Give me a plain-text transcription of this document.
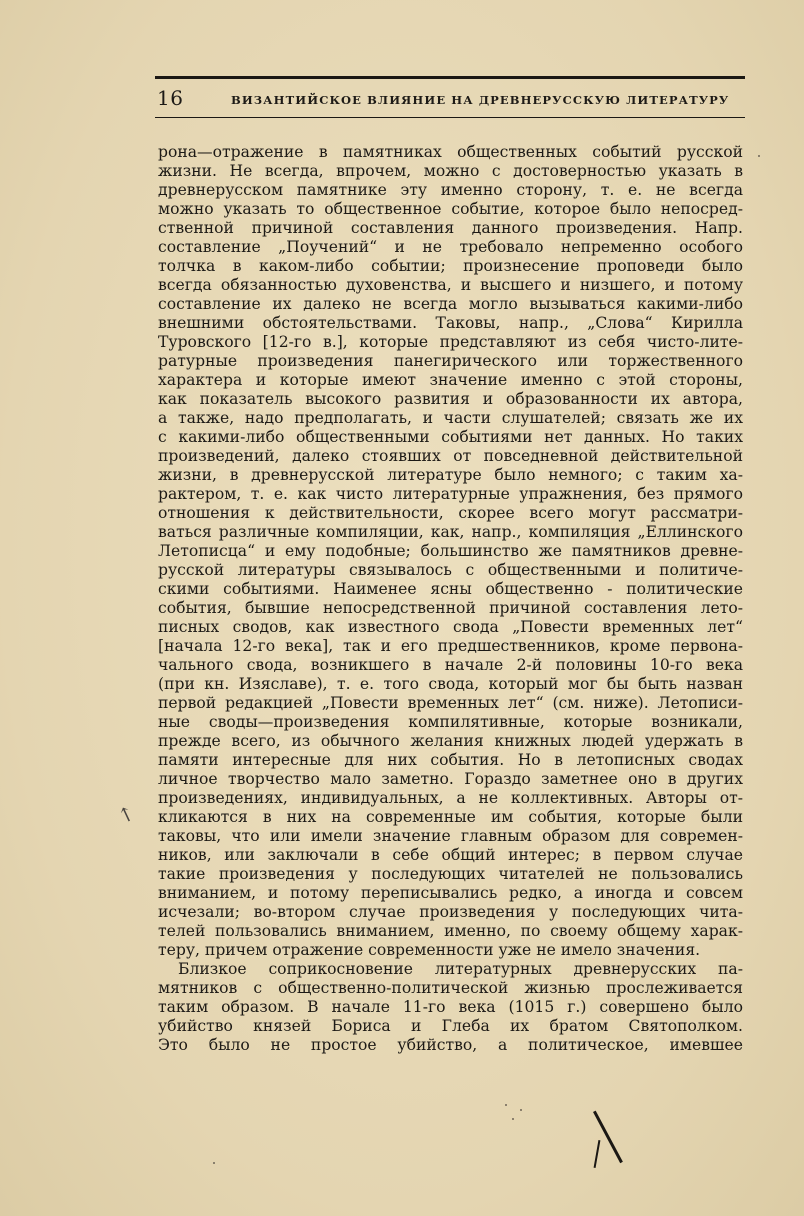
16	ВИЗАНТИЙСКОЕ ВЛИЯНИЕ НА ДРЕВНЕРУССКУЮ ЛИТЕРАТУРУ
рона—отражение в памятниках общественных событий русской
жизни. Не всегда, впрочем, можно с достоверностью указать в
древнерусском памятнике эту именно сторону, т. е. не всегда
можно указать то общественное событие, которое было непосред-
ственной причиной составления данного произведения. Напр.
составление „Поучений“ и не требовало непременно особого
толчка в каком-либо событии; произнесение проповеди было
всегда обязанностью духовенства, и высшего и низшего, и потому
составление их далеко не всегда могло вызываться какими-либо
внешними обстоятельствами. Таковы, напр., „Слова“ Кирилла
Туровского [12-го в.], которые представляют из себя чисто-лите-
ратурные произведения панегирического или торжественного
характера и которые имеют значение именно с этой стороны,
как показатель высокого развития и образованности их автора,
а также, надо предполагать, и части слушателей; связать же их
с какими-либо общественными событиями нет данных. Но таких
произведений, далеко стоявших от повседневной действительной
жизни, в древнерусской литературе было немного; с таким ха-
рактером, т. е. как чисто литературные упражнения, без прямого
отношения к действительности, скорее всего могут рассматри-
ваться различные компиляции, как, напр., компиляция „Еллинского
Летописца“ и ему подобные; большинство же памятников древне-
русской литературы связывалось с общественными и политиче-
скими событиями. Наименее ясны общественно - политические
события, бывшие непосредственной причиной составления лето-
писных сводов, как известного свода „Повести временных лет“
[начала 12-го века], так и его предшественников, кроме первона-
чального свода, возникшего в начале 2-й половины 10-го века
(при кн. Изяславе), т. е. того свода, который мог бы быть назван
первой редакцией „Повести временных лет“ (см. ниже). Летописи-
ные своды—произведения компилятивные, которые возникали,
прежде всего, из обычного желания книжных людей удержать в
памяти интересные для них события. Но в летописных сводах
личное творчество мало заметно. Гораздо заметнее оно в других
произведениях, индивидуальных, а не коллективных. Авторы от-
кликаются в них на современные им события, которые были
таковы, что или имели значение главным образом для современ-
ников, или заключали в себе общий интерес; в первом случае
такие произведения у последующих читателей не пользовались
вниманием, и потому переписывались редко, а иногда и совсем
исчезали; во-втором случае произведения у последующих чита-
телей пользовались вниманием, именно, по своему общему харак-
теру, причем отражение современности уже не имело значения.
Близкое соприкосновение литературных древнерусских па-
мятников с общественно-политической жизнью прослеживается
таким образом. В начале 11-го века (1015 г.) совершено было
убийство князей Бориса и Глеба их братом Святополком.
Это было не простое убийство, а политическое, имевшее
↖
